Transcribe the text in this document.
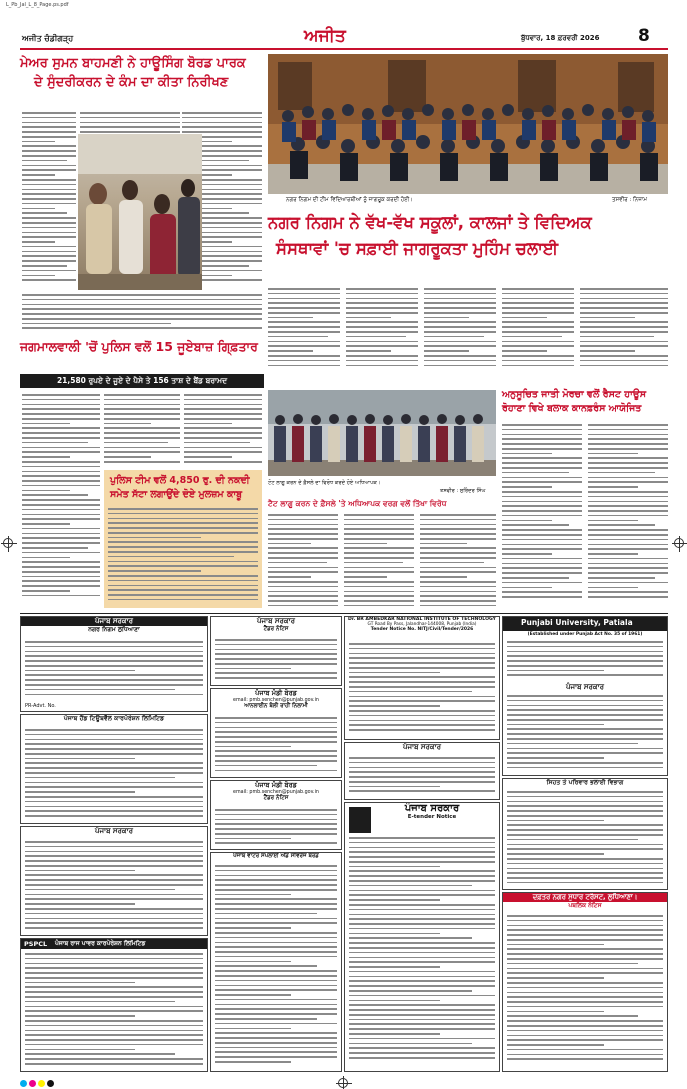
L_Pb_Jal_L_8_Page.ps.pdf
ਅਜੀਤ ਚੰਡੀਗੜ੍ਹ	ਅਜੀਤ	ਬੁੱਧਵਾਰ, 18 ਫ਼ਰਵਰੀ 2026 8
ਮੇਅਰ ਸੁਮਨ ਬਾਹਮਣੀ ਨੇ ਹਾਊਸਿੰਗ ਬੋਰਡ ਪਾਰਕ
ਦੇ ਸੁੰਦਰੀਕਰਨ ਦੇ ਕੰਮ ਦਾ ਕੀਤਾ ਨਿਰੀਖਣ
ਨਗਰ ਨਿਗਮ ਦੀ ਟੀਮ ਵਿਦਿਆਰਥੀਆਂ ਨੂੰ ਜਾਗਰੂਕ ਕਰਦੀ ਹੋਈ।	ਤਸਵੀਰ : ਨਿਜ਼ਾਮ
ਨਗਰ ਨਿਗਮ ਨੇ ਵੱਖ-ਵੱਖ ਸਕੂਲਾਂ, ਕਾਲਜਾਂ ਤੇ ਵਿਦਿਅਕ
ਸੰਸਥਾਵਾਂ 'ਚ ਸਫ਼ਾਈ ਜਾਗਰੂਕਤਾ ਮੁਹਿੰਮ ਚਲਾਈ
ਜਗਮਾਲਵਾਲੀ 'ਚੋਂ ਪੁਲਿਸ ਵਲੋਂ 15 ਜੂਏਬਾਜ਼ ਗਿ੍ਫ਼ਤਾਰ
21,580 ਰੁਪਏ ਦੇ ਜੂਏ ਦੇ ਪੈਸੇ ਤੇ 156 ਤਾਸ਼ ਦੇ ਬੈਂਡ ਬਰਾਮਦ
ਪੁਲਿਸ ਟੀਮ ਵਲੋਂ 4,850 ਰੁ. ਦੀ ਨਕਦੀ
ਸਮੇਤ ਸੱਟਾ ਲਗਾਉਂਦੇ ਦੋਏ ਮੁਲਜ਼ਮ ਕਾਬੂ
ਟੋਟ ਲਾਗੂ ਕਰਨ ਦੇ ਫ਼ੈਸਲੇ ਦਾ ਵਿਰੋਧ ਕਰਦੇ ਹੋਏ ਅਧਿਆਪਕ।
ਤਸਵੀਰ : ਸੁਰਿੰਦਰ ਸਿੰਘ
ਅਨੁਸੂਚਿਤ ਜਾਤੀ ਮੋਰਚਾ ਵਲੋਂ ਰੈਸਟ ਹਾਊਸ
ਰੋਹਾਣਾ ਵਿਖੇ ਬਲਾਕ ਕਾਨਫ਼ਰੰਸ ਆਯੋਜਿਤ
ਟੈਟ ਲਾਗੂ ਕਰਨ ਦੇ ਫ਼ੈਸਲੇ 'ਤੇ ਅਧਿਆਪਕ ਵਰਗ ਵਲੋਂ ਤਿੱਖਾ ਵਿਰੋਧ
ਪੰਜਾਬ ਸਰਕਾਰ
ਨਗਰ ਨਿਗਮ ਲੁਧਿਆਣਾ
PR-Advt. No.
ਪੰਜਾਬ ਹੈਂਡ ਟਿਊਬਵੈੱਲ ਕਾਰਪੋਰੇਸ਼ਨ ਲਿਮਿਟਿਡ
ਪੰਜਾਬ ਸਰਕਾਰ
PSPCL ਪੰਜਾਬ ਰਾਜ ਪਾਵਰ ਕਾਰਪੋਰੇਸ਼ਨ ਲਿਮਿਟਿਡ
ਪੰਜਾਬ ਸਰਕਾਰ
ਟੈਂਡਰ ਨੋਟਿਸ
ਪੰਜਾਬ ਮੰਡੀ ਬੋਰਡ
email: pmb.senchen@punjab.gov.in
ਆਨਲਾਈਨ ਬੋਲੀ ਰਾਹੀਂ ਨਿਲਾਮੀ
ਪੰਜਾਬ ਮੰਡੀ ਬੋਰਡ
email: pmb.senchen@punjab.gov.in
ਟੈਂਡਰ ਨੋਟਿਸ
ਪੰਜਾਬ ਵਾਟਰ ਸਪਲਾਈ ਐਂਡ ਸੀਵਰੇਜ ਬੋਰਡ
Dr. BR AMBEDKAR NATIONAL INSTITUTE OF TECHNOLOGY
GT Road By Pass, Jalandhar-144008, Punjab (India)
Tender Notice No. NITJ/Civil/Tender/2026
ਪੰਜਾਬ ਸਰਕਾਰ
ਪੰਜਾਬ ਸਰਕਾਰ
E-tender Notice
Punjabi University, Patiala
(Established under Punjab Act No. 35 of 1961)
ਪੰਜਾਬ ਸਰਕਾਰ
ਸਿਹਤ ਤੇ ਪਰਿਵਾਰ ਭਲਾਈ ਵਿਭਾਗ
ਦਫ਼ਤਰ ਨਗਰ ਸੁਧਾਰ ਟਰੱਸਟ, ਲੁਧਿਆਣਾ।
ਪਬਲਿਕ ਨੋਟਿਸ
